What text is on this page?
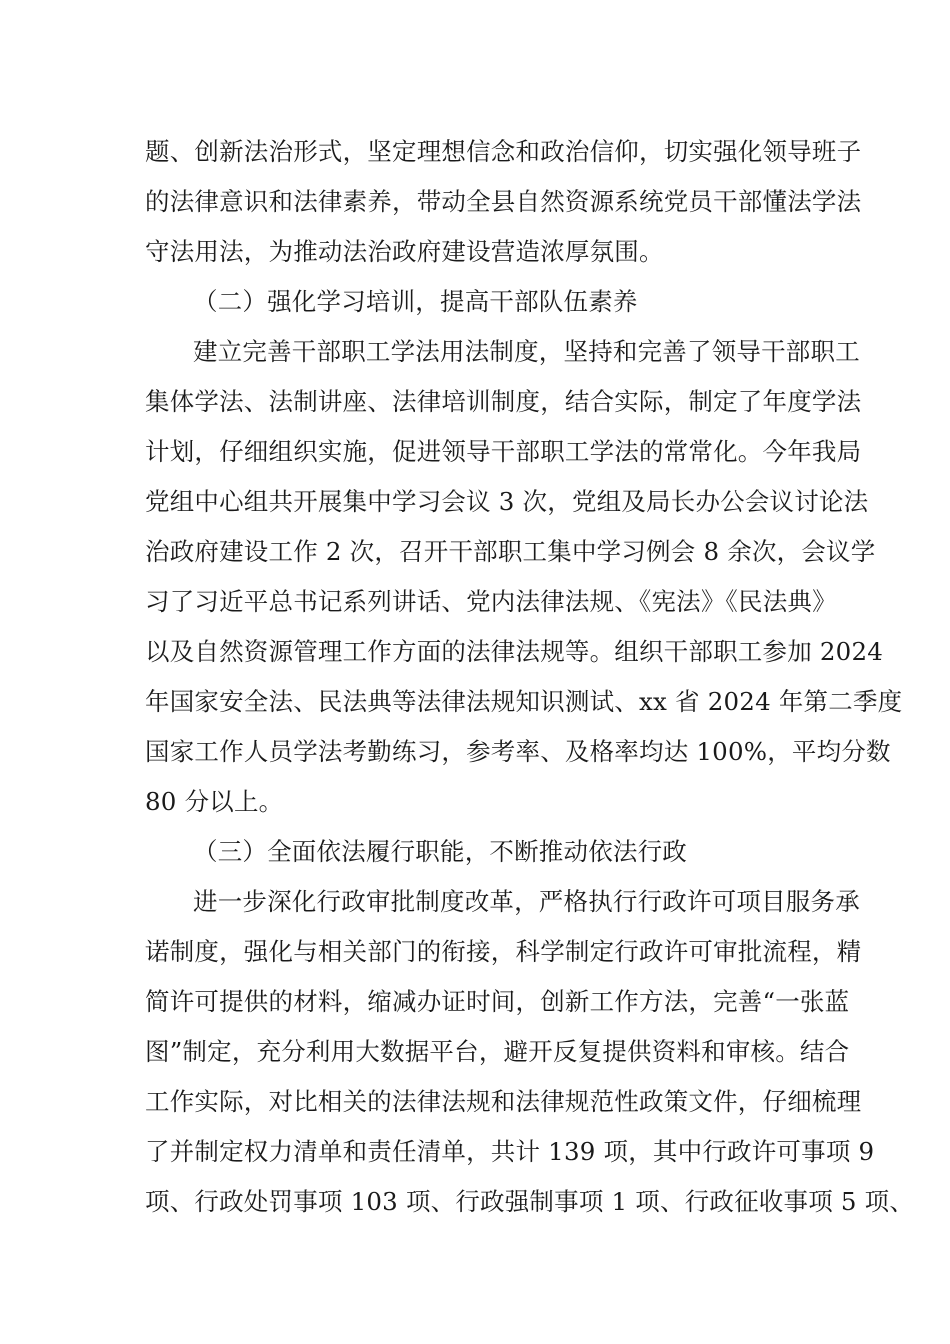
题、创新法治形式，坚定理想信念和政治信仰，切实强化领导班子
的法律意识和法律素养，带动全县自然资源系统党员干部懂法学法
守法用法，为推动法治政府建设营造浓厚氛围。
（二）强化学习培训，提高干部队伍素养
建立完善干部职工学法用法制度，坚持和完善了领导干部职工
集体学法、法制讲座、法律培训制度，结合实际，制定了年度学法
计划，仔细组织实施，促进领导干部职工学法的常常化。今年我局
党组中心组共开展集中学习会议 3 次，党组及局长办公会议讨论法
治政府建设工作 2 次，召开干部职工集中学习例会 8 余次，会议学
习了习近平总书记系列讲话、党内法律法规、《宪法》《民法典》
以及自然资源管理工作方面的法律法规等。组织干部职工参加 2024
年国家安全法、民法典等法律法规知识测试、xx 省 2024 年第二季度
国家工作人员学法考勤练习，参考率、及格率均达 100%，平均分数
80 分以上。
（三）全面依法履行职能，不断推动依法行政
进一步深化行政审批制度改革，严格执行行政许可项目服务承
诺制度，强化与相关部门的衔接，科学制定行政许可审批流程，精
简许可提供的材料，缩减办证时间，创新工作方法，完善“一张蓝
图”制定，充分利用大数据平台，避开反复提供资料和审核。结合
工作实际，对比相关的法律法规和法律规范性政策文件，仔细梳理
了并制定权力清单和责任清单，共计 139 项，其中行政许可事项 9
项、行政处罚事项 103 项、行政强制事项 1 项、行政征收事项 5 项、
